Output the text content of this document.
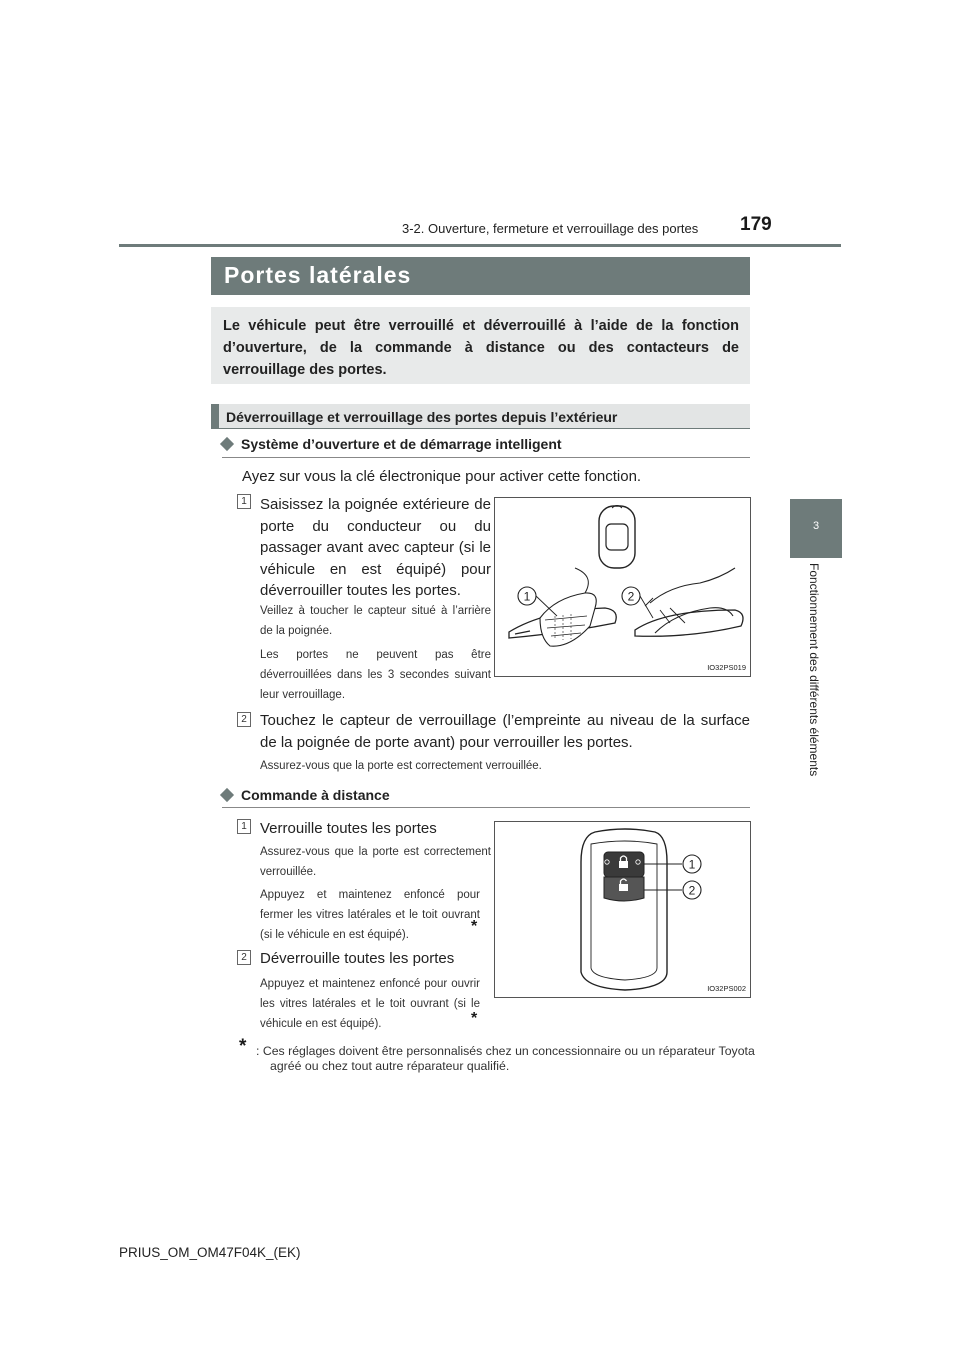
3-2. Ouverture, fermeture et verrouillage des portes 179
3
Fonctionnement des différents éléments
Portes latérales
Le véhicule peut être verrouillé et déverrouillé à l’aide de la fonction d’ouverture, de la commande à distance ou des contacteurs de verrouillage des portes.
Déverrouillage et verrouillage des portes depuis l’extérieur
Système d’ouverture et de démarrage intelligent
Ayez sur vous la clé électronique pour activer cette fonction.
1 Saisissez la poignée extérieure de porte du conducteur ou du passager avant avec capteur (si le véhicule en est équipé) pour déverrouiller toutes les portes.
Veillez à toucher le capteur situé à l’arrière de la poignée.
Les portes ne peuvent pas être déverrouillées dans les 3 secondes suivant leur verrouillage.
1	2
IO32PS019
2 Touchez le capteur de verrouillage (l’empreinte au niveau de la surface de la poignée de porte avant) pour verrouiller les portes.
Assurez-vous que la porte est correctement verrouillée.
Commande à distance
1 Verrouille toutes les portes
Assurez-vous que la porte est correctement verrouillée.
Appuyez et maintenez enfoncé pour fermer les vitres latérales et le toit ouvrant (si le véhicule en est équipé).	*
2 Déverrouille toutes les portes
Appuyez et maintenez enfoncé pour ouvrir les vitres latérales et le toit ouvrant (si le véhicule en est équipé).	*
1
2
IO32PS002
* : Ces réglages doivent être personnalisés chez un concessionnaire ou un réparateur Toyota agréé ou chez tout autre réparateur qualifié.
PRIUS_OM_OM47F04K_(EK)
